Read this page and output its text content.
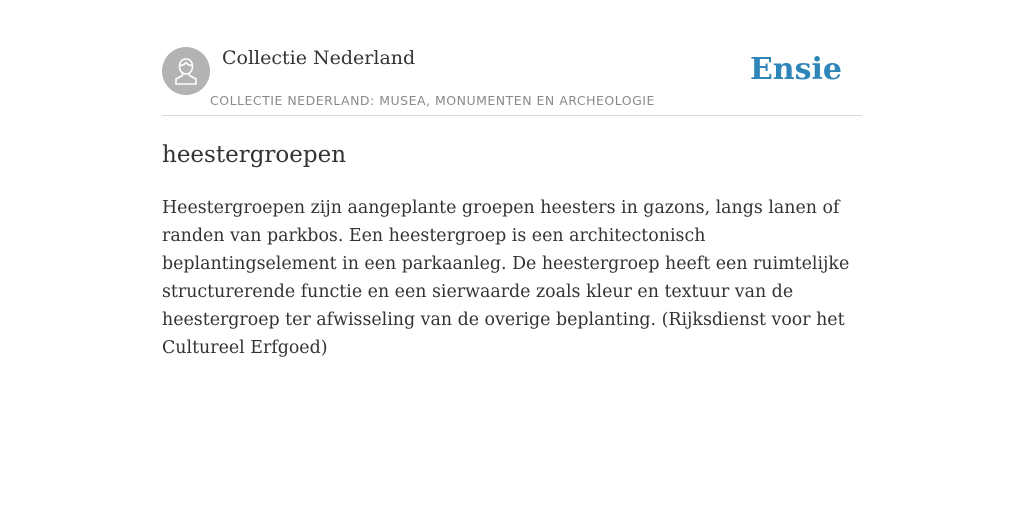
Collectie Nederland
COLLECTIE NEDERLAND: MUSEA, MONUMENTEN EN ARCHEOLOGIE
Ensie
heestergroepen

Heestergroepen zijn aangeplante groepen heesters in gazons, langs lanen of randen van parkbos. Een heestergroep is een architectonisch beplantingselement in een parkaanleg. De heestergroep heeft een ruimtelijke structurerende functie en een sierwaarde zoals kleur en textuur van de heestergroep ter afwisseling van de overige beplanting. (Rijksdienst voor het Cultureel Erfgoed)
